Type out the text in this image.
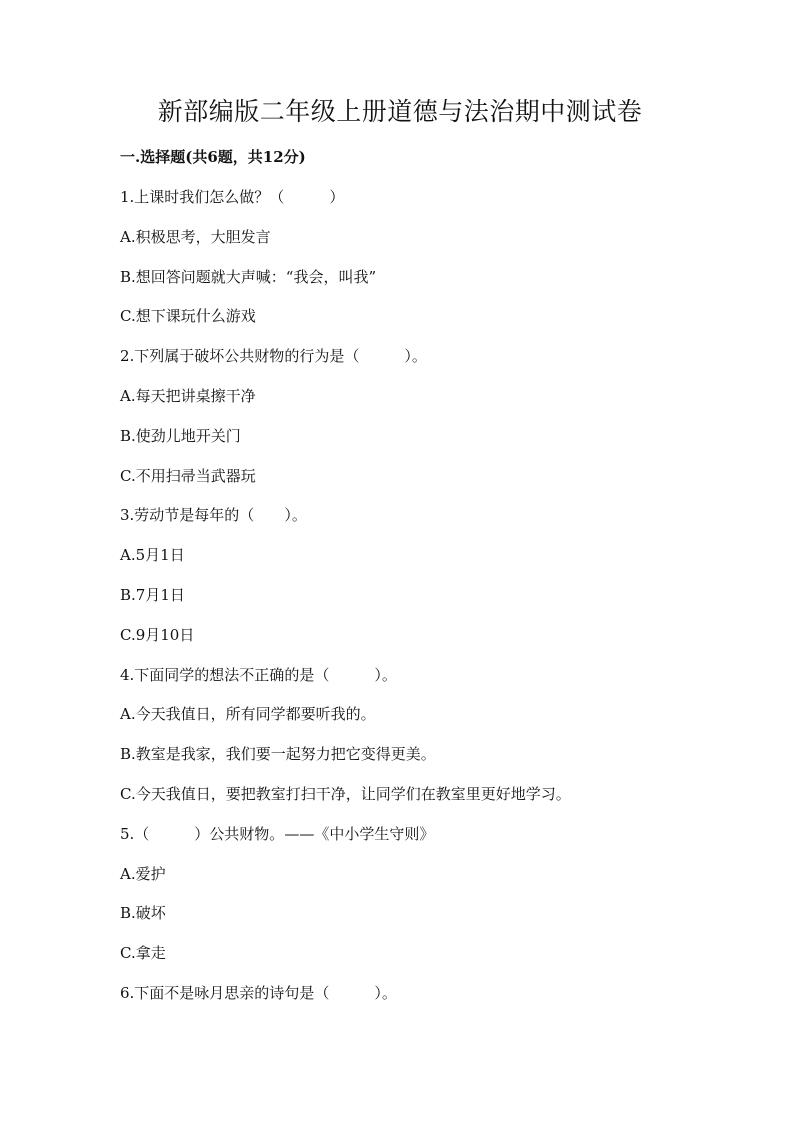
新部编版二年级上册道德与法治期中测试卷
一.选择题(共6题，共12分)
1.上课时我们怎么做？（　　　）
A.积极思考，大胆发言
B.想回答问题就大声喊：“我会，叫我”
C.想下课玩什么游戏
2.下列属于破坏公共财物的行为是（　　　）。
A.每天把讲桌擦干净
B.使劲儿地开关门
C.不用扫帚当武器玩
3.劳动节是每年的（　　）。
A.5月1日
B.7月1日
C.9月10日
4.下面同学的想法不正确的是（　　　）。
A.今天我值日，所有同学都要听我的。
B.教室是我家，我们要一起努力把它变得更美。
C.今天我值日，要把教室打扫干净，让同学们在教室里更好地学习。
5.（　　　）公共财物。——《中小学生守则》
A.爱护
B.破坏
C.拿走
6.下面不是咏月思亲的诗句是（　　　）。
